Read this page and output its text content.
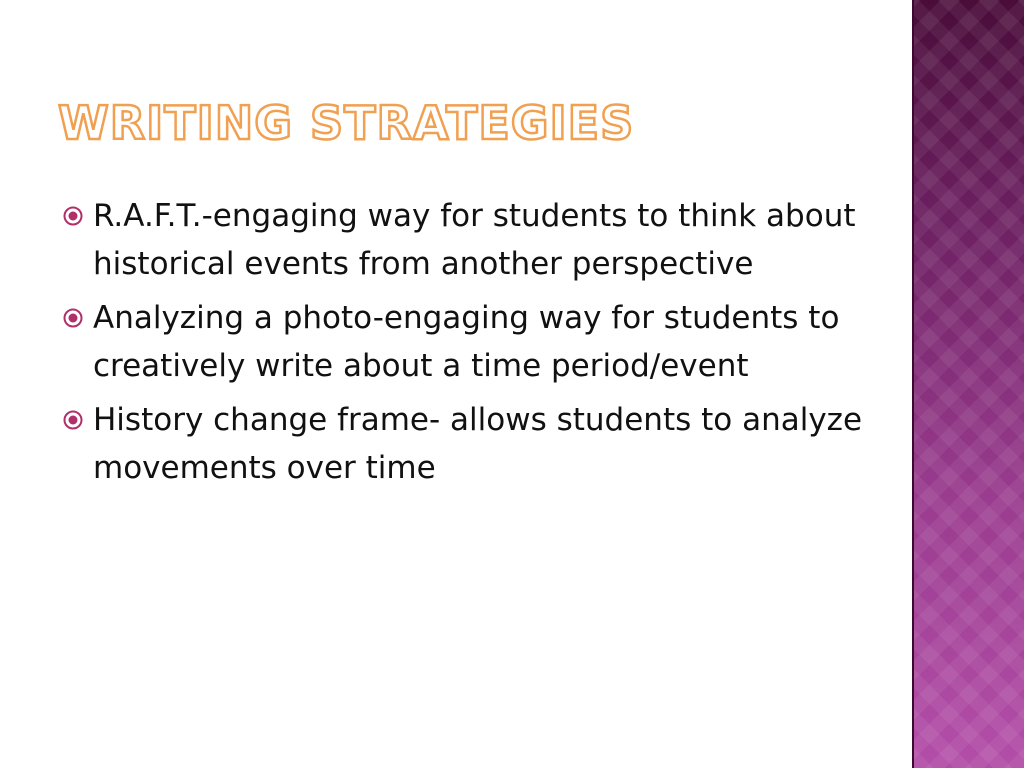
WRITING STRATEGIES
R.A.F.T.-engaging way for students to think about historical events from another perspective
Analyzing a photo-engaging way for students to creatively write about a time period/event
History change frame- allows students to analyze movements over time
